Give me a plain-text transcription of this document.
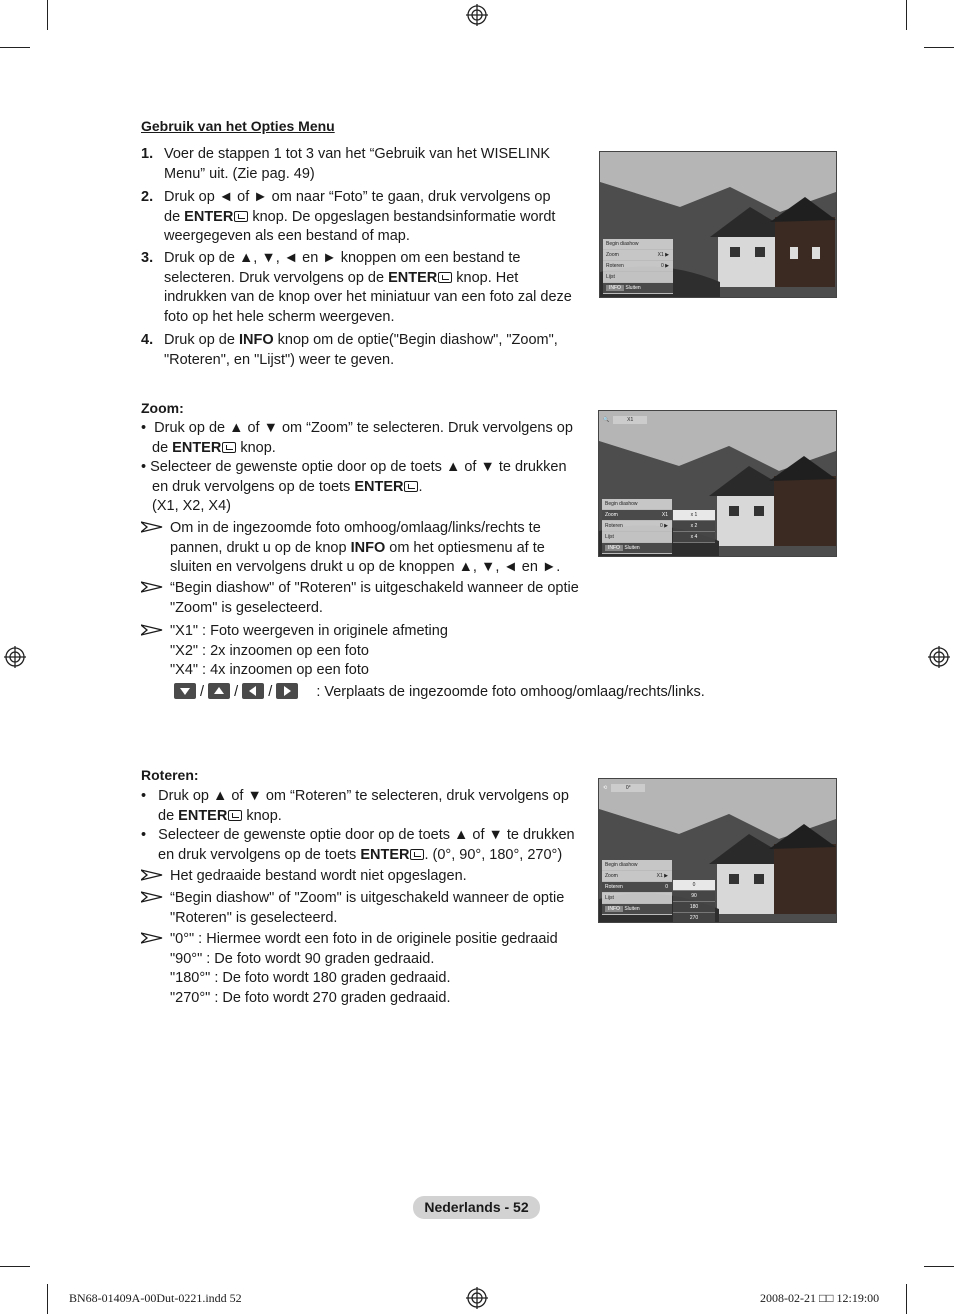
Gebruik van het Opties Menu
1. Voer de stappen 1 tot 3 van het “Gebruik van het WISELINK
Menu” uit. (Zie pag. 49)
2. Druk op ◄ of ► om naar “Foto” te gaan, druk vervolgens op
de ENTER knop. De opgeslagen bestandsinformatie wordt
weergegeven als een bestand of map.
3. Druk op de ▲, ▼, ◄ en ► knoppen om een bestand te
selecteren. Druk vervolgens op de ENTER knop. Het
indrukken van de knop over het miniatuur van een foto zal deze
foto op het hele scherm weergeven.
4. Druk op de INFO knop om de optie("Begin diashow", "Zoom",
"Roteren", en "Lijst") weer te geven.
Begin diashow
Zoom	X1 ▶
Roteren	0 ▶
Lijst
INFO Sluiten
Zoom:
•  Druk op de ▲ of ▼ om “Zoom” te selecteren. Druk vervolgens op
de ENTER knop.
• Selecteer de gewenste optie door op de toets ▲ of ▼ te drukken
en druk vervolgens op de toets ENTER .
(X1, X2, X4)
Om in de ingezoomde foto omhoog/omlaag/links/rechts te
pannen, drukt u op de knop INFO om het optiesmenu af te
sluiten en vervolgens drukt u op de knoppen ▲, ▼, ◄ en ►.
“Begin diashow" of "Roteren" is uitgeschakeld wanneer de optie
"Zoom" is geselecteerd.
"X1" : Foto weergeven in originele afmeting
"X2" : 2x inzoomen op een foto
"X4" : 4x inzoomen op een foto
/ / /	: Verplaats de ingezoomde foto omhoog/omlaag/rechts/links.
🔍	X1
Begin diashow
Zoom	X1
Roteren	0 ▶
Lijst
INFO Sluiten
x 1
x 2
x 4
Roteren:
•   Druk op ▲ of ▼ om “Roteren” te selecteren, druk vervolgens op
de ENTER knop.
•   Selecteer de gewenste optie door op de toets ▲ of ▼ te drukken
en druk vervolgens op de toets ENTER . (0°, 90°, 180°, 270°)
Het gedraaide bestand wordt niet opgeslagen.
“Begin diashow" of "Zoom" is uitgeschakeld wanneer de optie
"Roteren" is geselecteerd.
"0°" : Hiermee wordt een foto in de originele positie gedraaid
"90°" : De foto wordt 90 graden gedraaid.
"180°" : De foto wordt 180 graden gedraaid.
"270°" : De foto wordt 270 graden gedraaid.
⟲	0°
Begin diashow
Zoom	X1 ▶
Roteren	0
Lijst
INFO Sluiten
0
90
180
270
Nederlands - 52
BN68-01409A-00Dut-0221.indd 52	2008-02-21 □□ 12:19:00
